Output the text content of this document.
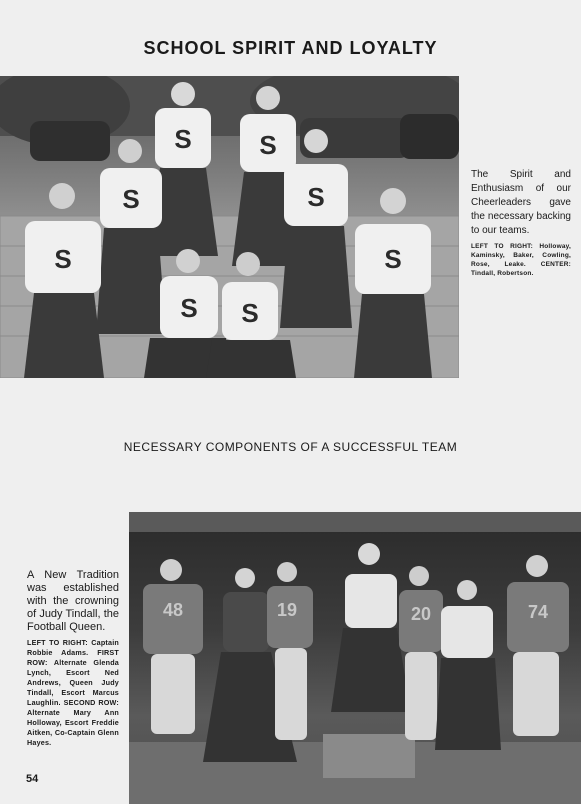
SCHOOL SPIRIT AND LOYALTY
S	S
S	S
S	S
S S
The Spirit and Enthusiasm of our Cheerleaders gave the necessary backing to our teams.
LEFT TO RIGHT: Holloway, Kaminsky, Baker, Cowling, Rose, Leake. CENTER: Tindall, Robertson.
NECESSARY COMPONENTS OF A SUCCESSFUL TEAM
48	19	20	74
A New Tradition was established with the crowning of Judy Tindall, the Football Queen.
LEFT TO RIGHT: Captain Robbie Adams. FIRST ROW: Alternate Glenda Lynch, Escort Ned Andrews, Queen Judy Tindall, Escort Marcus Laughlin. SECOND ROW: Alternate Mary Ann Holloway, Escort Freddie Aitken, Co-Captain Glenn Hayes.
54
